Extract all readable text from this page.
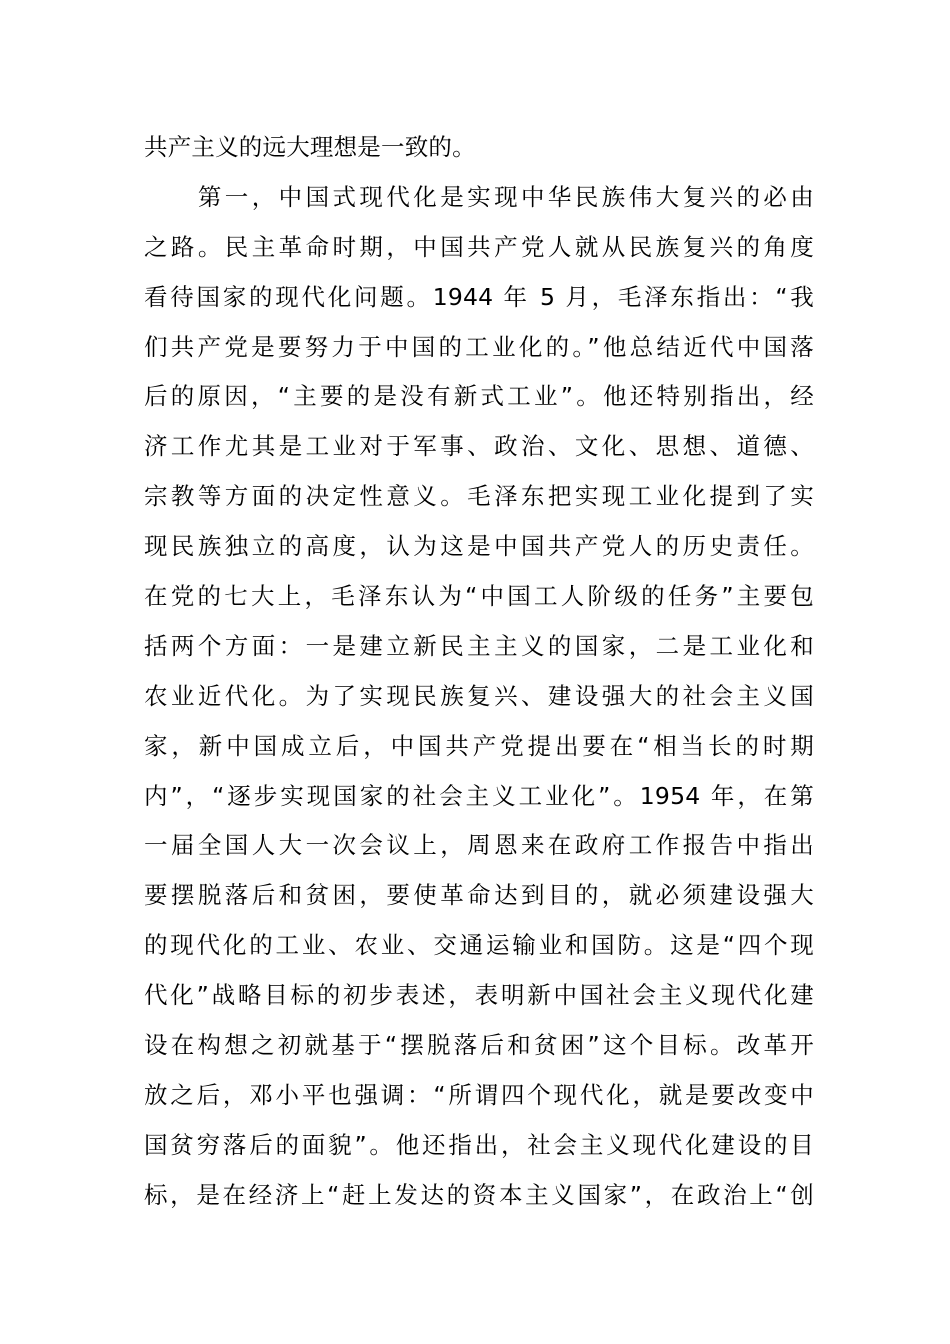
共产主义的远大理想是一致的。
　　第一，中国式现代化是实现中华民族伟大复兴的必由
之路。民主革命时期，中国共产党人就从民族复兴的角度
看待国家的现代化问题。1944 年 5 月，毛泽东指出：“我
们共产党是要努力于中国的工业化的。”他总结近代中国落
后的原因，“主要的是没有新式工业”。他还特别指出，经
济工作尤其是工业对于军事、政治、文化、思想、道德、
宗教等方面的决定性意义。毛泽东把实现工业化提到了实
现民族独立的高度，认为这是中国共产党人的历史责任。
在党的七大上，毛泽东认为“中国工人阶级的任务”主要包
括两个方面：一是建立新民主主义的国家，二是工业化和
农业近代化。为了实现民族复兴、建设强大的社会主义国
家，新中国成立后，中国共产党提出要在“相当长的时期
内”，“逐步实现国家的社会主义工业化”。1954 年，在第
一届全国人大一次会议上，周恩来在政府工作报告中指出
要摆脱落后和贫困，要使革命达到目的，就必须建设强大
的现代化的工业、农业、交通运输业和国防。这是“四个现
代化”战略目标的初步表述，表明新中国社会主义现代化建
设在构想之初就基于“摆脱落后和贫困”这个目标。改革开
放之后，邓小平也强调：“所谓四个现代化，就是要改变中
国贫穷落后的面貌”。他还指出，社会主义现代化建设的目
标，是在经济上“赶上发达的资本主义国家”，在政治上“创
